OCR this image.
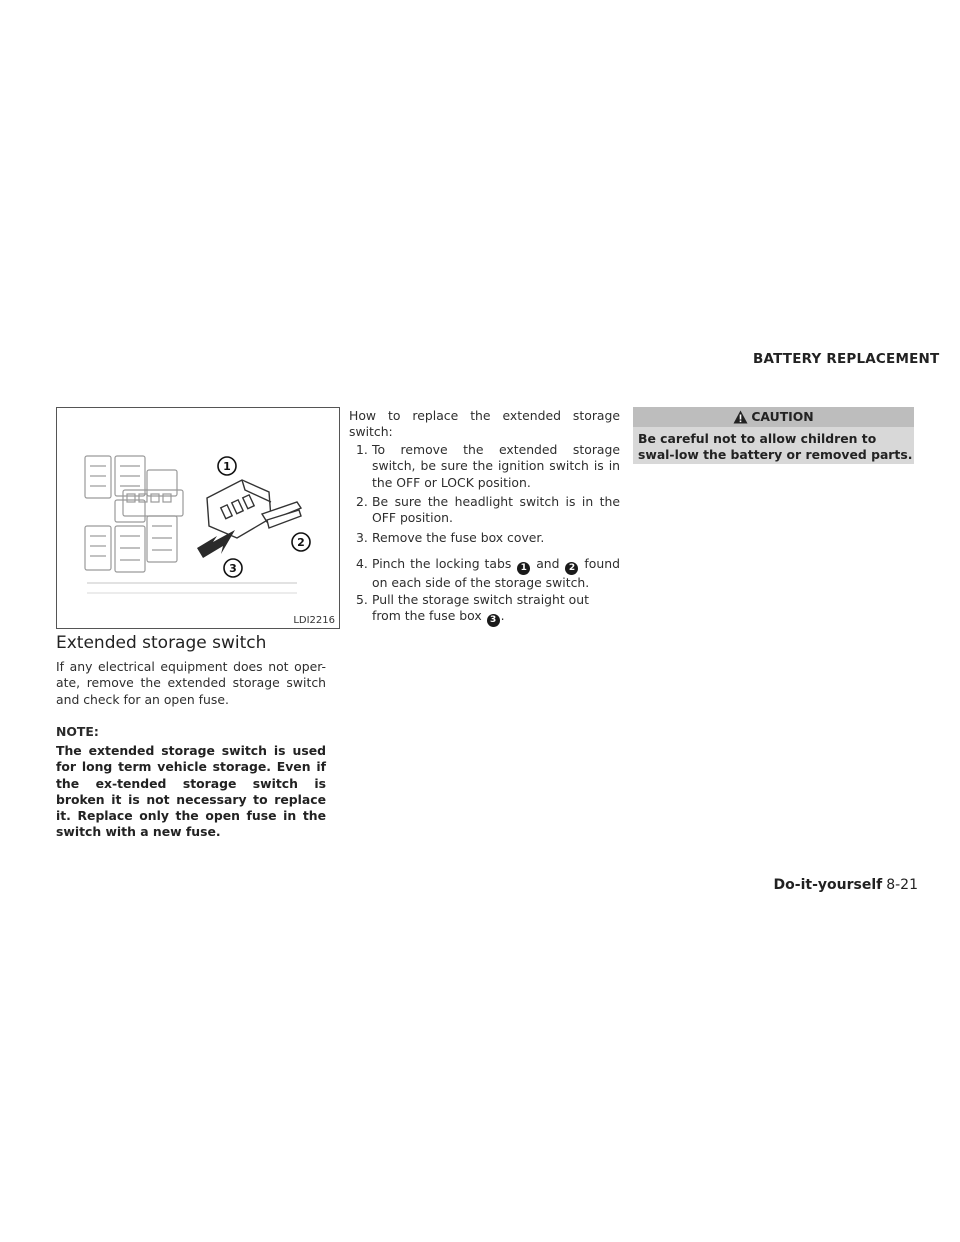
1
2
3
LDI2216
Extended storage switch
If any electrical equipment does not oper-ate, remove the extended storage switch and check for an open fuse.
NOTE:
The extended storage switch is used for long term vehicle storage. Even if the ex-tended storage switch is broken it is not necessary to replace it. Replace only the open fuse in the switch with a new fuse.
How to replace the extended storage switch:
1. To remove the extended storage switch, be sure the ignition switch is in the OFF or LOCK position.
2. Be sure the headlight switch is in the OFF position.
3. Remove the fuse box cover.
4. Pinch the locking tabs 1 and 2 found on each side of the storage switch.
5. Pull the storage switch straight out from the fuse box 3 .
BATTERY REPLACEMENT
CAUTION
Be careful not to allow children to swal-low the battery or removed parts.
Do-it-yourself 8-21
